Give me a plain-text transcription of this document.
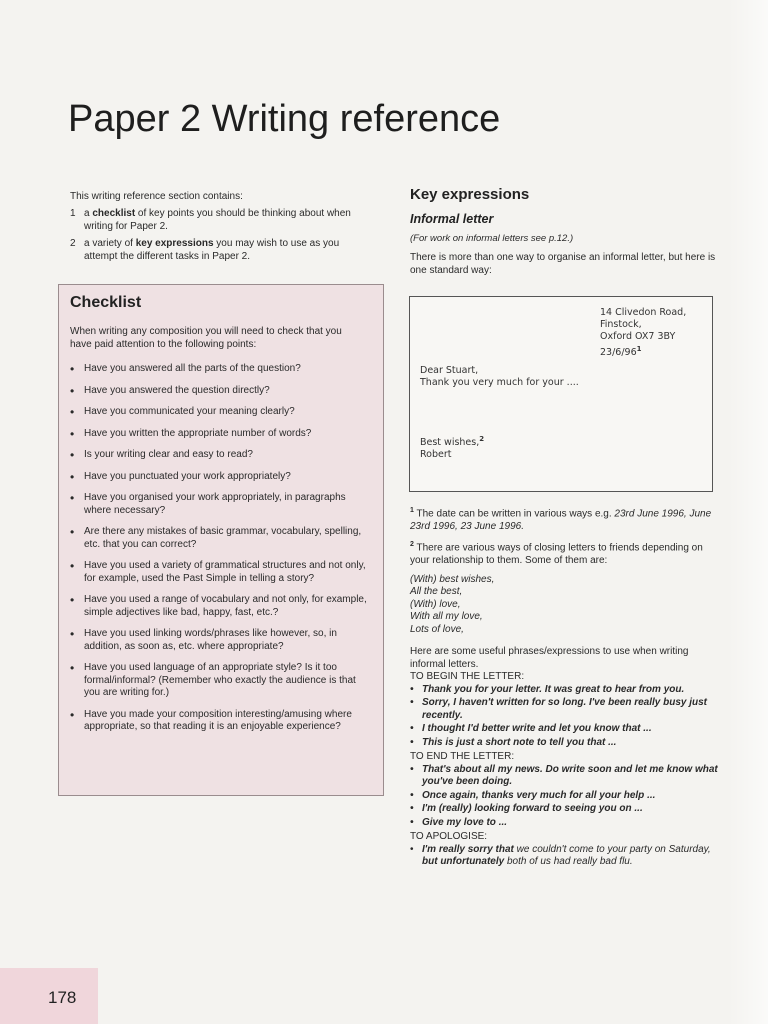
Paper 2 Writing reference

This writing reference section contains:

1 a checklist of key points you should be thinking about when writing for Paper 2.
2 a variety of key expressions you may wish to use as you attempt the different tasks in Paper 2.
Checklist

When writing any composition you will need to check that you have paid attention to the following points:

• Have you answered all the parts of the question?
• Have you answered the question directly?
• Have you communicated your meaning clearly?
• Have you written the appropriate number of words?
• Is your writing clear and easy to read?
• Have you punctuated your work appropriately?
• Have you organised your work appropriately, in paragraphs where necessary?
• Are there any mistakes of basic grammar, vocabulary, spelling, etc. that you can correct?
• Have you used a variety of grammatical structures and not only, for example, used the Past Simple in telling a story?
• Have you used a range of vocabulary and not only, for example, simple adjectives like bad, happy, fast, etc.?
• Have you used linking words/phrases like however, so, in addition, as soon as, etc. where appropriate?
• Have you used language of an appropriate style? Is it too formal/informal? (Remember who exactly the audience is that you are writing for.)
• Have you made your composition interesting/amusing where appropriate, so that reading it is an enjoyable experience?
Key expressions
Informal letter

(For work on informal letters see p.12.)

There is more than one way to organise an informal letter, but here is one standard way:

14 Clivedon Road,
Finstock,
Oxford OX7 3BY
$23/6/96^1$
Dear Stuart,
Thank you very much for your ....
Best wishes,$^2$
Robert

$^1$ The date can be written in various ways e.g. 23rd June 1996, June 23rd 1996, 23 June 1996.

$^2$ There are various ways of closing letters to friends depending on your relationship to them. Some of them are:

(With) best wishes,
All the best,
(With) love,
With all my love,
Lots of love,

Here are some useful phrases/expressions to use when writing informal letters.

TO BEGIN THE LETTER:

• Thank you for your letter. It was great to hear from you.
• Sorry, I haven't written for so long. I've been really busy just recently.
• I thought I'd better write and let you know that ...
• This is just a short note to tell you that ...

TO END THE LETTER:

• That's about all my news. Do write soon and let me know what you've been doing.
• Once again, thanks very much for all your help ...
• I'm (really) looking forward to seeing you on ...
• Give my love to ...

TO APOLOGISE:

• I'm really sorry that we couldn't come to your party on Saturday, but unfortunately both of us had really bad flu.
178
